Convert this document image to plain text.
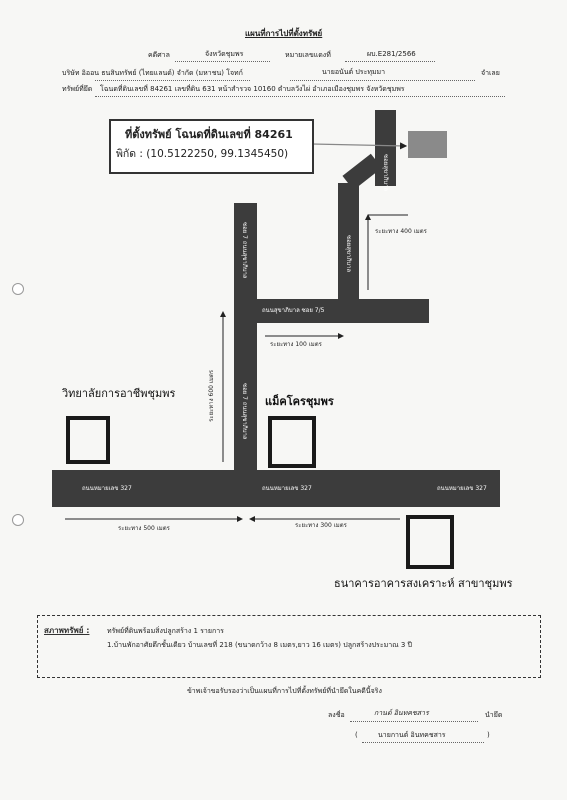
แผนที่การไปที่ตั้งทรัพย์
คดีศาล	จังหวัดชุมพร	หมายเลขแดงที่	ผบ.E281/2566
บริษัท อิออน ธนสินทรัพย์ (ไทยแลนด์) จำกัด (มหาชน) โจทก์	นายอนันต์ ประทุมมา	จำเลย
ทรัพย์ที่ยึด โฉนดที่ดินเลขที่ 84261 เลขที่ดิน 631 หน้าสำรวจ 10160 ตำบลวังไผ่ อำเภอเมืองชุมพร จังหวัดชุมพร
ถนนหมายเลข 327	ถนนหมายเลข 327	ถนนหมายเลข 327
ซอย 7 ถนนสุขาภิบาล
ซอย 7 ถนนสุขาภิบาล
ถนนสุขาภิบาล ซอย 7/5
ซอยสุขาภิบาล
ซอยสุขาภิบาล
ระยะทาง 400 เมตร
ระยะทาง 100 เมตร
ระยะทาง 600 เมตร
ระยะทาง 500 เมตร	ระยะทาง 300 เมตร
ที่ตั้งทรัพย์ โฉนดที่ดินเลขที่ 84261
พิกัด : (10.5122250, 99.1345450)
วิทยาลัยการอาชีพชุมพร
แม็คโครชุมพร
ธนาคารอาคารสงเคราะห์ สาขาชุมพร
สภาพทรัพย์ :	ทรัพย์ที่ดินพร้อมสิ่งปลูกสร้าง 1 รายการ
1.บ้านพักอาศัยตึกชั้นเดียว บ้านเลขที่ 218 (ขนาดกว้าง 8 เมตร,ยาว 16 เมตร) ปลูกสร้างประมาณ 3 ปี
ข้าพเจ้าขอรับรองว่าเป็นแผนที่การไปที่ตั้งทรัพย์ที่นำยึดในคดีนี้จริง
ลงชื่อ	กานต์ อินทคชสาร	นำยึด
(	นายกานต์ อินทคชสาร	)
